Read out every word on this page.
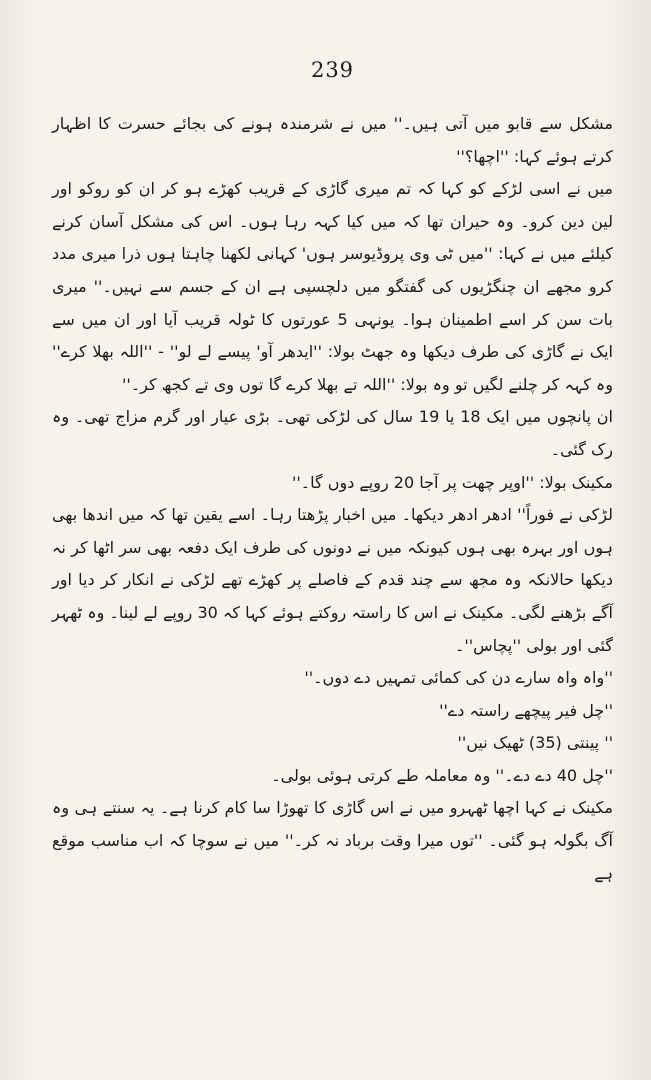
239

مشکل سے قابو میں آتی ہیں۔'' میں نے شرمندہ ہونے کی بجائے حسرت کا اظہار کرتے ہوئے کہا: ''اچھا؟''

میں نے اسی لڑکے کو کہا کہ تم میری گاڑی کے قریب کھڑے ہو کر ان کو روکو اور لین دین کرو۔ وہ حیران تھا کہ میں کیا کہہ رہا ہوں۔ اس کی مشکل آسان کرنے کیلئے میں نے کہا: ''میں ٹی وی پروڈیوسر ہوں' کہانی لکھنا چاہتا ہوں ذرا میری مدد کرو مجھے ان چنگڑیوں کی گفتگو میں دلچسپی ہے ان کے جسم سے نہیں۔'' میری بات سن کر اسے اطمینان ہوا۔ یونہی 5 عورتوں کا ٹولہ قریب آیا اور ان میں سے ایک نے گاڑی کی طرف دیکھا وہ جھٹ بولا: ''ایدھر آو' پیسے لے لو'' - ''اللہ بھلا کرے'' وہ کہہ کر چلنے لگیں تو وہ بولا: ''اللہ تے بھلا کرے گا توں وی تے کجھ کر۔''

ان پانچوں میں ایک 18 یا 19 سال کی لڑکی تھی۔ بڑی عیار اور گرم مزاج تھی۔ وہ رک گئی۔

مکینک بولا: ''اوپر چھت پر آجا 20 روپے دوں گا۔''

لڑکی نے فوراً'' ادھر ادھر دیکھا۔ میں اخبار پڑھتا رہا۔ اسے یقین تھا کہ میں اندھا بھی ہوں اور بہرہ بھی ہوں کیونکہ میں نے دونوں کی طرف ایک دفعہ بھی سر اٹھا کر نہ دیکھا حالانکہ وہ مجھ سے چند قدم کے فاصلے پر کھڑے تھے لڑکی نے انکار کر دیا اور آگے بڑھنے لگی۔ مکینک نے اس کا راستہ روکتے ہوئے کہا کہ 30 روپے لے لینا۔ وہ ٹھہر گئی اور بولی ''پچاس''۔

''واہ واہ سارے دن کی کمائی تمہیں دے دوں۔''

''چل فیر پیچھے راستہ دے''

'' پینتی (35) ٹھیک نیں''

''چل 40 دے دے۔'' وہ معاملہ طے کرتی ہوئی بولی۔

مکینک نے کہا اچھا ٹھہرو میں نے اس گاڑی کا تھوڑا سا کام کرنا ہے۔ یہ سنتے ہی وہ آگ بگولہ ہو گئی۔ ''توں میرا وقت برباد نہ کر۔'' میں نے سوچا کہ اب مناسب موقع ہے
